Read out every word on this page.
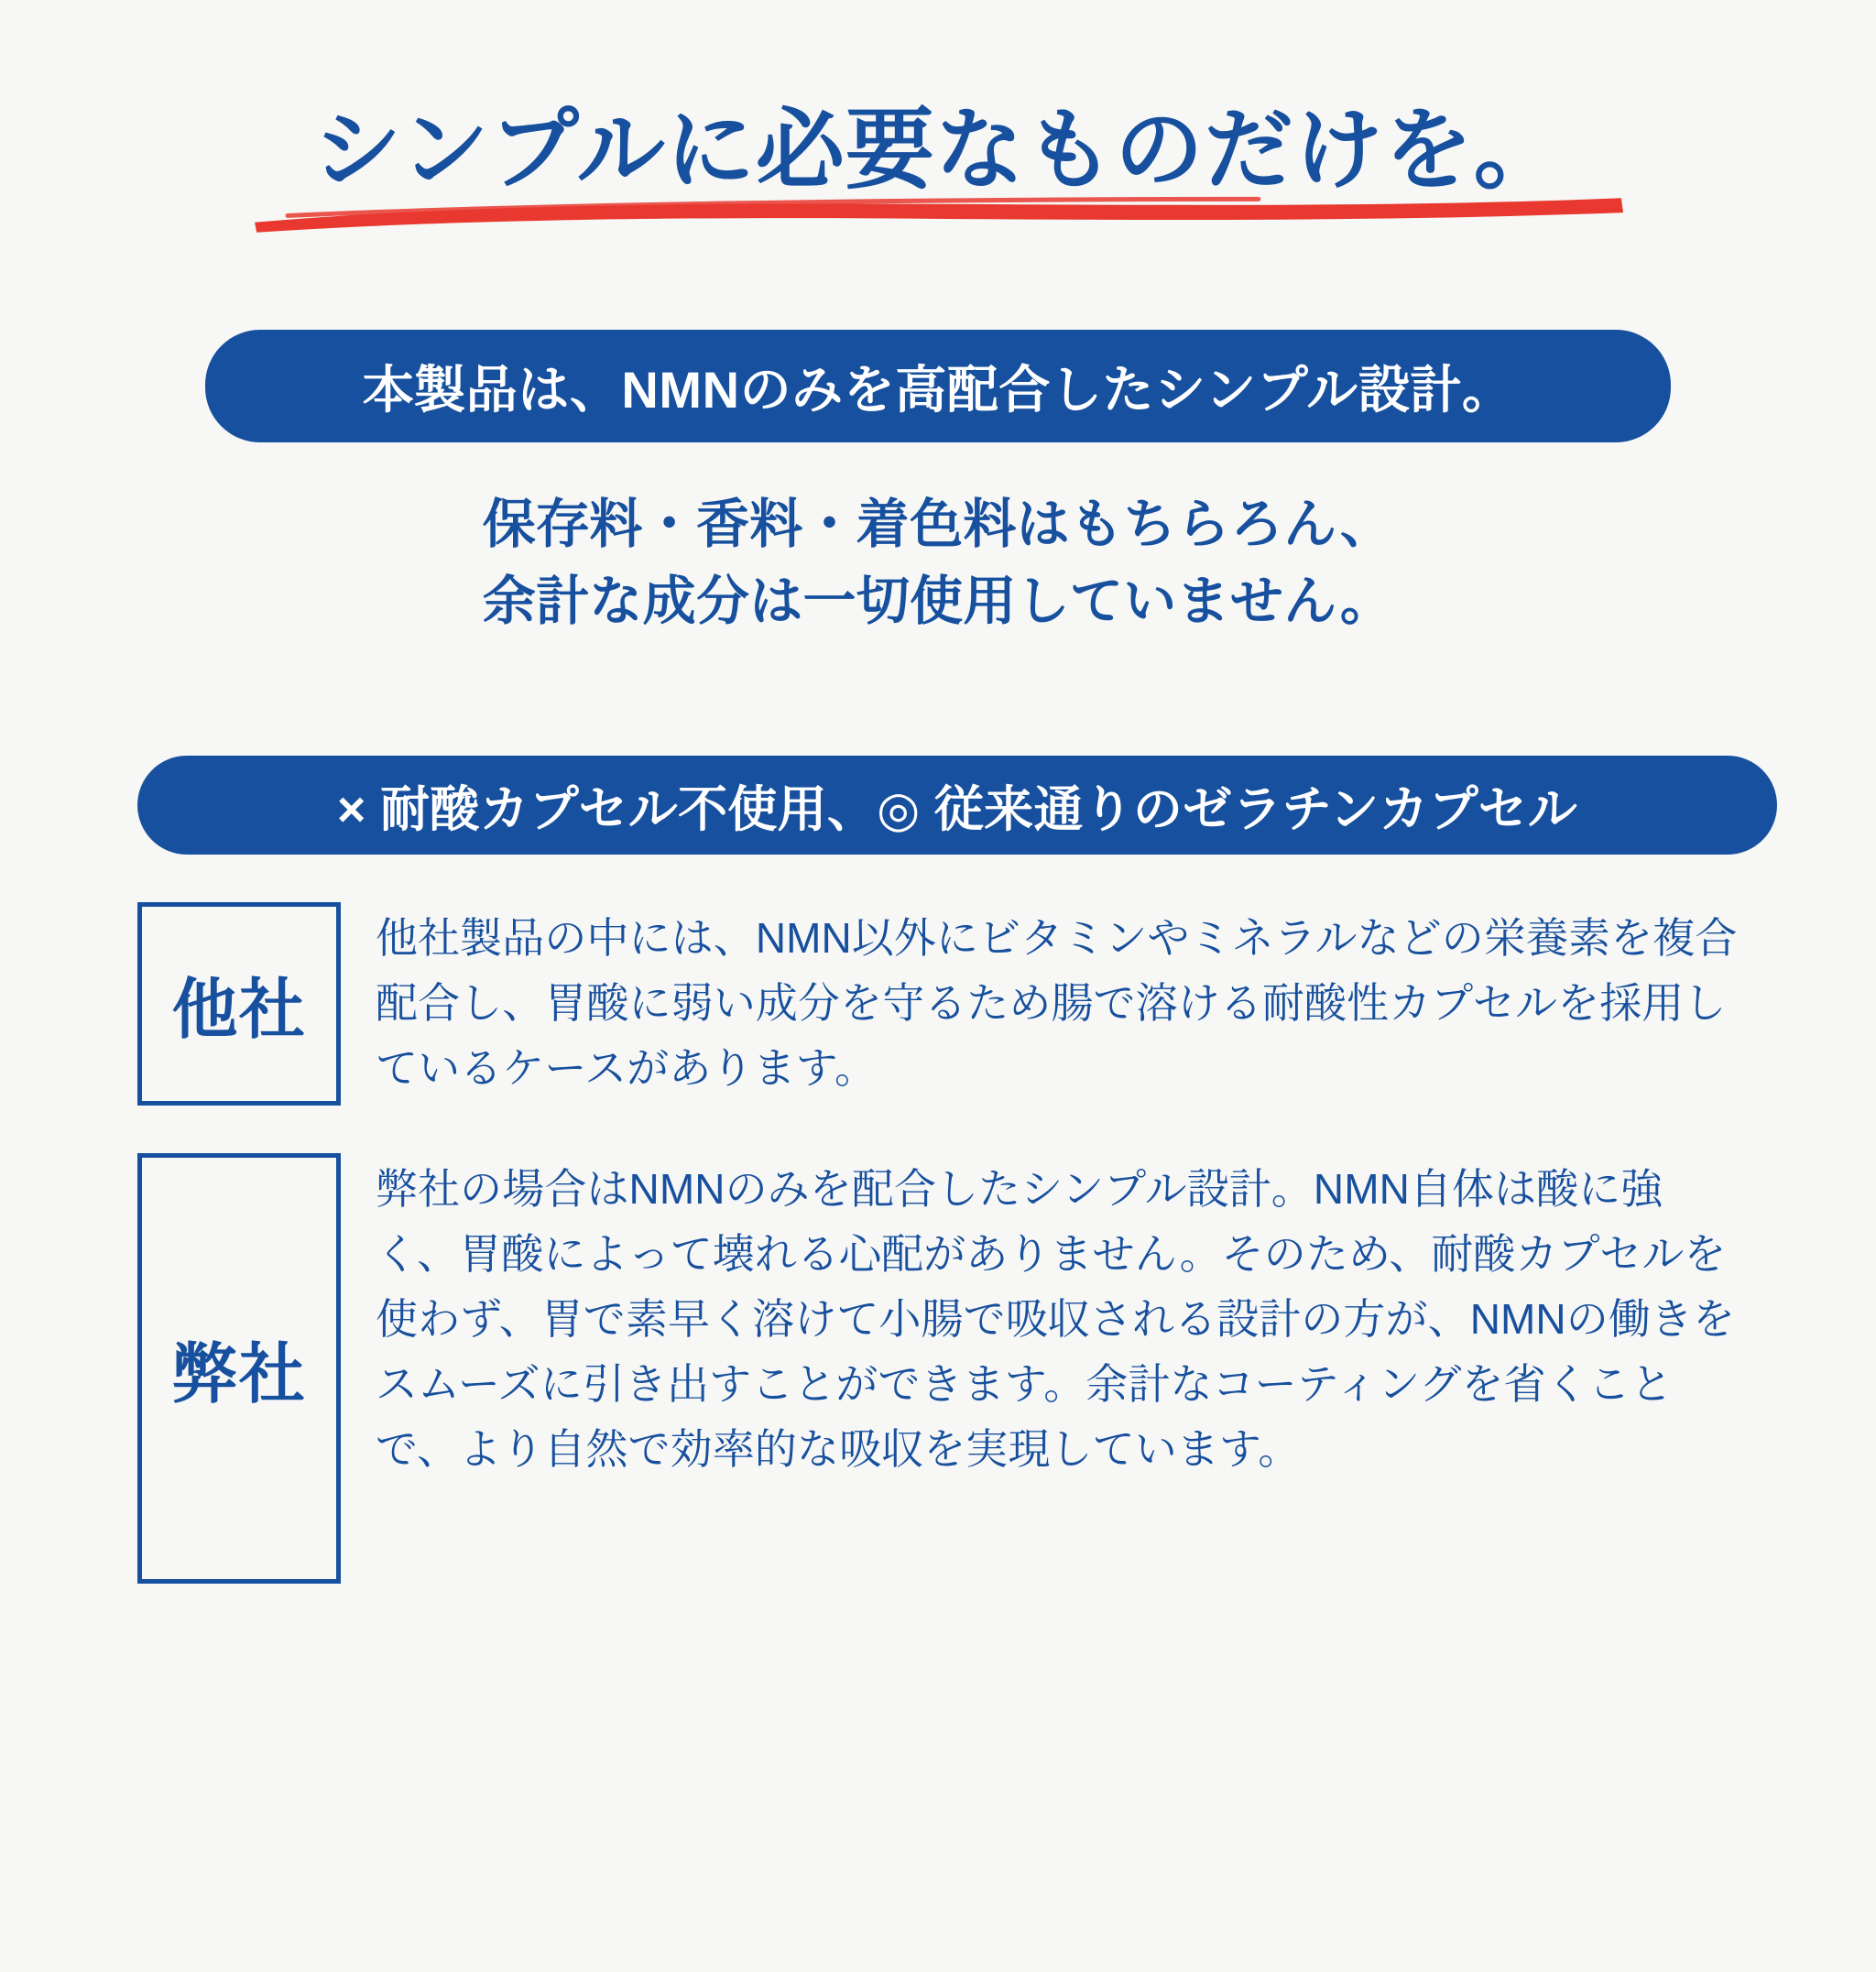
シンプルに必要なものだけを。
本製品は、NMNのみを高配合したシンプル設計。
保存料・香料・着色料はもちらろん、
余計な成分は一切使用していません。
× 耐酸カプセル不使用、◎ 従来通りのゼラチンカプセル
他社

他社製品の中には、NMN以外にビタミンやミネラルなどの栄養素を複合配合し、胃酸に弱い成分を守るため腸で溶ける耐酸性カプセルを採用しているケースがあります。

弊社

弊社の場合はNMNのみを配合したシンプル設計。NMN自体は酸に強く、胃酸によって壊れる心配がありません。そのため、耐酸カプセルを使わず、胃で素早く溶けて小腸で吸収される設計の方が、NMNの働きをスムーズに引き出すことができます。余計なコーティングを省くことで、より自然で効率的な吸収を実現しています。
